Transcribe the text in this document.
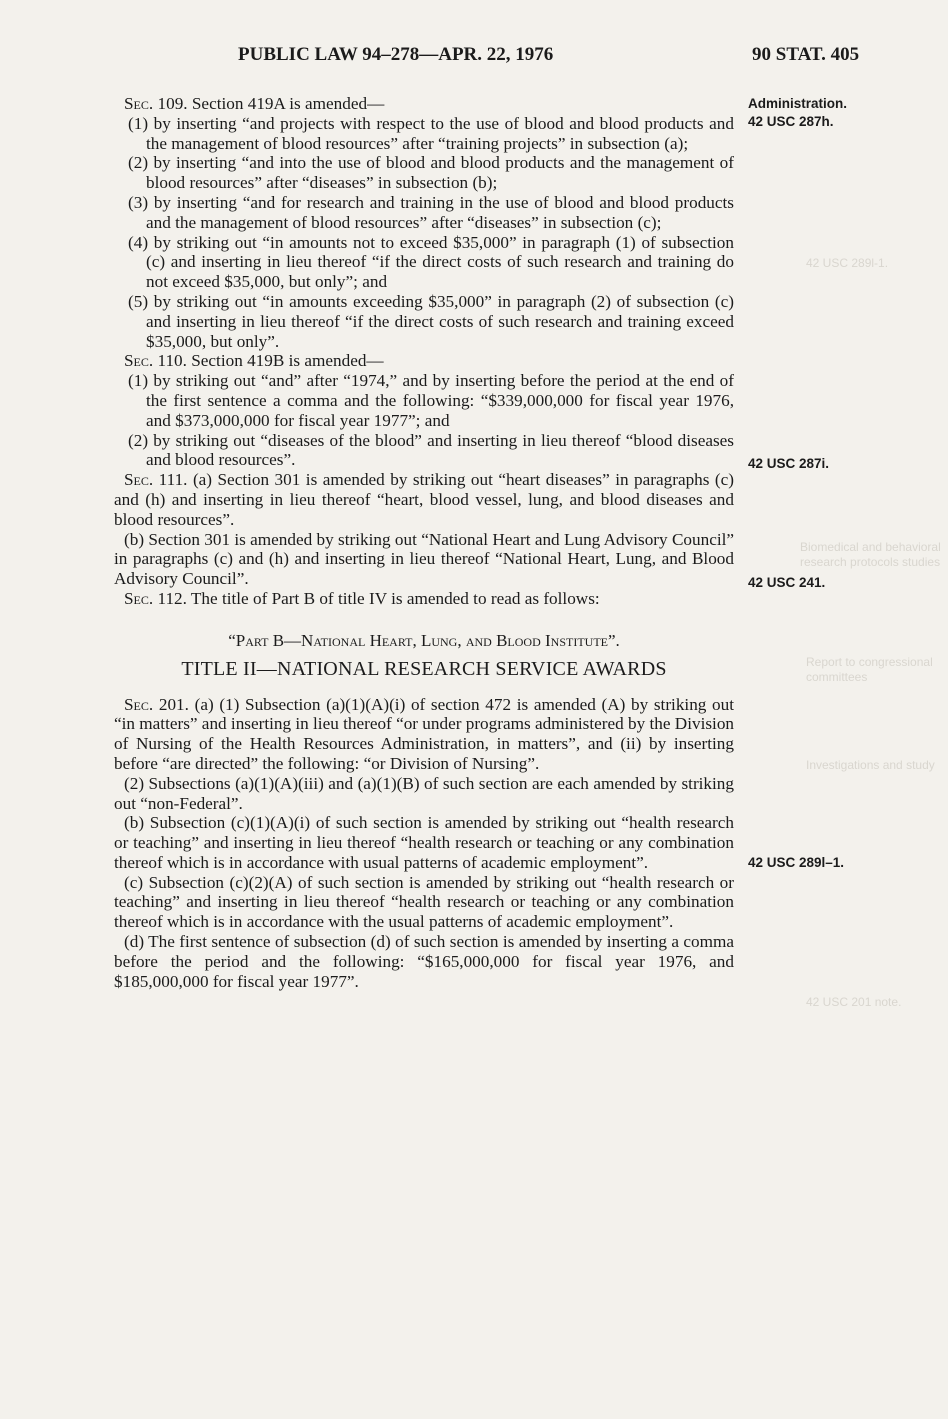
PUBLIC LAW 94–278—APR. 22, 1976	90 STAT. 405
42 USC 289l-1.
Biomedical and behavioral research protocols studies
Report to congressional committees
Investigations and study
42 USC 201 note.
Administration.
42 USC 287h.
42 USC 287i.
42 USC 241.
42 USC 289l–1.

Sec. 109. Section 419A is amended—

(1) by inserting “and projects with respect to the use of blood and blood products and the management of blood resources” after “training projects” in subsection (a);

(2) by inserting “and into the use of blood and blood products and the management of blood resources” after “diseases” in subsection (b);

(3) by inserting “and for research and training in the use of blood and blood products and the management of blood resources” after “diseases” in subsection (c);

(4) by striking out “in amounts not to exceed $35,000” in paragraph (1) of subsection (c) and inserting in lieu thereof “if the direct costs of such research and training do not exceed $35,000, but only”; and

(5) by striking out “in amounts exceeding $35,000” in paragraph (2) of subsection (c) and inserting in lieu thereof “if the direct costs of such research and training exceed $35,000, but only”.

Sec. 110. Section 419B is amended—

(1) by striking out “and” after “1974,” and by inserting before the period at the end of the first sentence a comma and the following: “$339,000,000 for fiscal year 1976, and $373,000,000 for fiscal year 1977”; and

(2) by striking out “diseases of the blood” and inserting in lieu thereof “blood diseases and blood resources”.

Sec. 111. (a) Section 301 is amended by striking out “heart diseases” in paragraphs (c) and (h) and inserting in lieu thereof “heart, blood vessel, lung, and blood diseases and blood resources”.

(b) Section 301 is amended by striking out “National Heart and Lung Advisory Council” in paragraphs (c) and (h) and inserting in lieu thereof “National Heart, Lung, and Blood Advisory Council”.

Sec. 112. The title of Part B of title IV is amended to read as follows:

“Part B—National Heart, Lung, and Blood Institute”.

TITLE II—NATIONAL RESEARCH SERVICE AWARDS

Sec. 201. (a) (1) Subsection (a)(1)(A)(i) of section 472 is amended (A) by striking out “in matters” and inserting in lieu thereof “or under programs administered by the Division of Nursing of the Health Resources Administration, in matters”, and (ii) by inserting before “are directed” the following: “or Division of Nursing”.

(2) Subsections (a)(1)(A)(iii) and (a)(1)(B) of such section are each amended by striking out “non-Federal”.

(b) Subsection (c)(1)(A)(i) of such section is amended by striking out “health research or teaching” and inserting in lieu thereof “health research or teaching or any combination thereof which is in accordance with usual patterns of academic employment”.

(c) Subsection (c)(2)(A) of such section is amended by striking out “health research or teaching” and inserting in lieu thereof “health research or teaching or any combination thereof which is in accordance with the usual patterns of academic employment”.

(d) The first sentence of subsection (d) of such section is amended by inserting a comma before the period and the following: “$165,000,000 for fiscal year 1976, and $185,000,000 for fiscal year 1977”.
